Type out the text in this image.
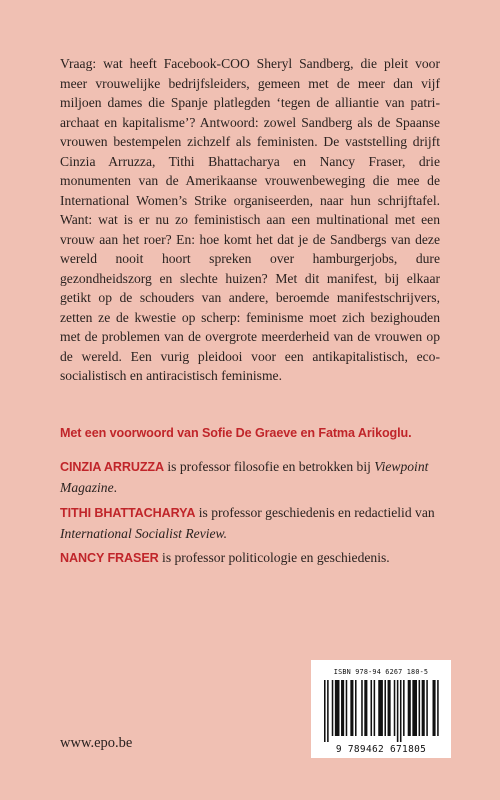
Vraag: wat heeft Facebook-COO Sheryl Sandberg, die pleit voor meer vrouwelijke bedrijfsleiders, gemeen met de meer dan vijf miljoen dames die Spanje platlegden ‘tegen de alliantie van patriarchaat en kapitalisme’? Antwoord: zowel Sandberg als de Spaanse vrouwen bestempelen zichzelf als feministen. De vaststelling drijft Cinzia Arruzza, Tithi Bhattacharya en Nancy Fraser, drie monumenten van de Amerikaanse vrouwenbeweging die mee de International Women’s Strike organiseerden, naar hun schrijftafel. Want: wat is er nu zo feministisch aan een multinational met een vrouw aan het roer? En: hoe komt het dat je de Sandbergs van deze wereld nooit hoort spreken over hamburgerjobs, dure gezondheidszorg en slechte huizen? Met dit manifest, bij elkaar getikt op de schouders van andere, beroemde manifestschrijvers, zetten ze de kwestie op scherp: feminisme moet zich bezighouden met de problemen van de overgrote meerderheid van de vrouwen op de wereld. Een vurig pleidooi voor een antikapitalistisch, ecosocialistisch en antiracistisch feminisme.

Met een voorwoord van Sofie De Graeve en Fatma Arikoglu.

CINZIA ARRUZZA is professor filosofie en betrokken bij Viewpoint Magazine.

TITHI BHATTACHARYA is professor geschiedenis en redactielid van International Socialist Review.

NANCY FRASER is professor politicologie en geschiedenis.

www.epo.be
ISBN 978-94 6267 180-5
9 789462 671805
